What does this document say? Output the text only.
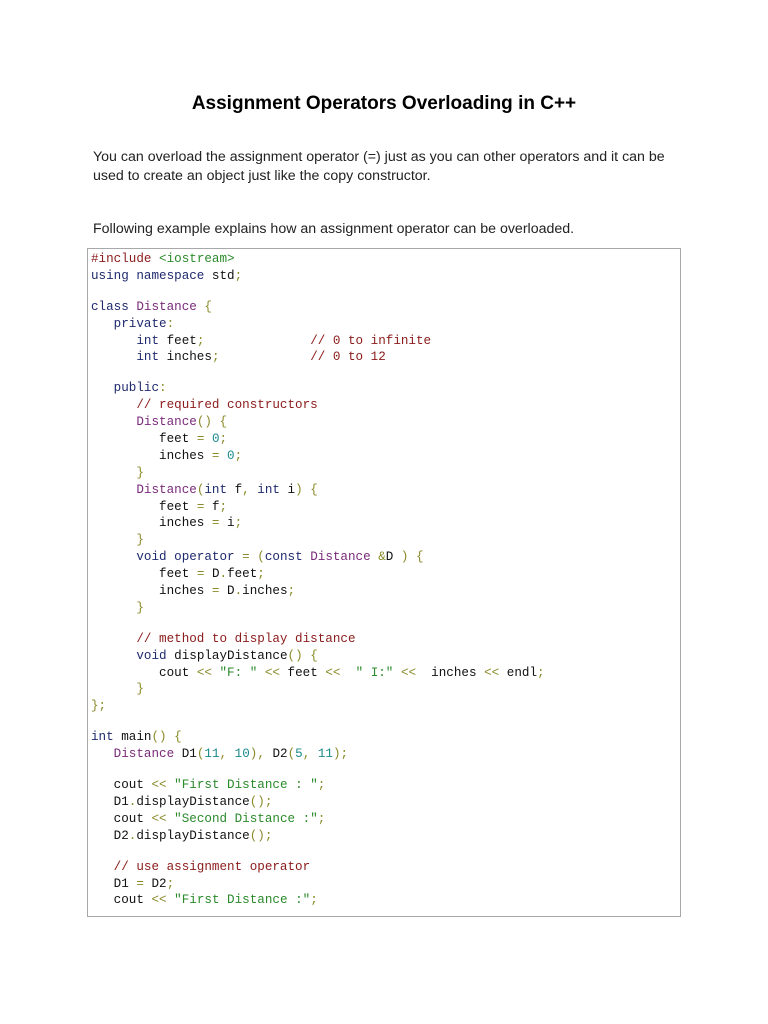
Assignment Operators Overloading in C++
You can overload the assignment operator (=) just as you can other operators and it can be used to create an object just like the copy constructor.
Following example explains how an assignment operator can be overloaded.
#include <iostream>
using namespace std;
class Distance {
private:
int feet;	// 0 to infinite
int inches;	// 0 to 12
public:
// required constructors
Distance() {
feet = 0;
inches = 0;
}
Distance(int f, int i) {
feet = f;
inches = i;
}
void operator = (const Distance &D ) {
feet = D.feet;
inches = D.inches;
}
// method to display distance
void displayDistance() {
cout << "F: " << feet <<  " I:" <<  inches << endl;
}
};
int main() {
Distance D1(11, 10), D2(5, 11);
cout << "First Distance : ";
D1.displayDistance();
cout << "Second Distance :";
D2.displayDistance();
// use assignment operator
D1 = D2;
cout << "First Distance :";
